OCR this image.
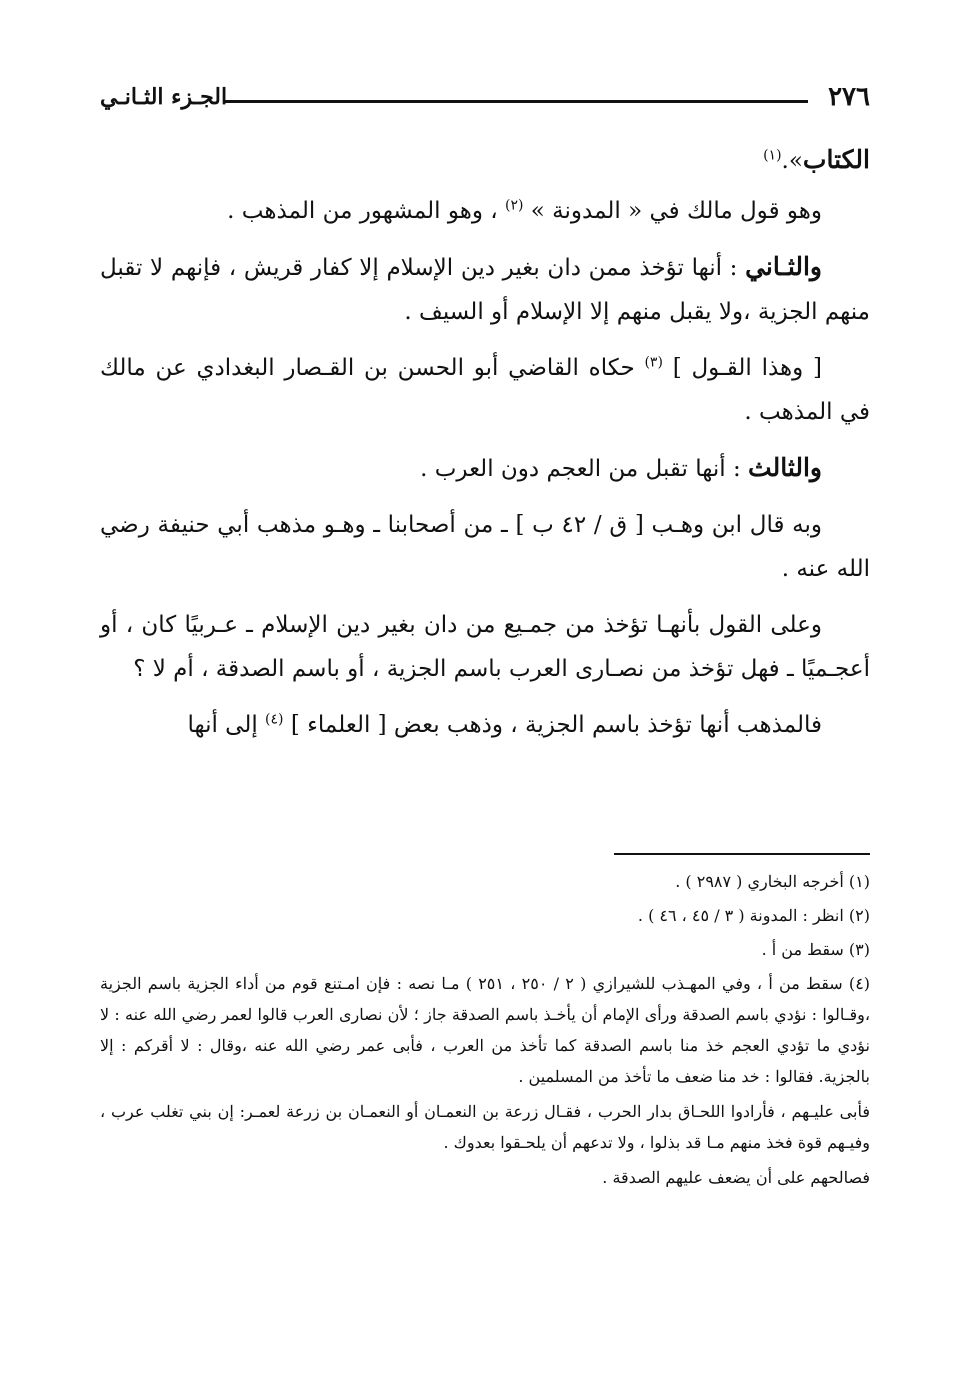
٢٧٦
الجـزء الثـانـي

الكتاب».$^{(١)}$

وهو قول مالك في « المدونة » $^{(٢)}$ ، وهو المشهور من المذهب .

والثـاني : أنها تؤخذ ممن دان بغير دين الإسلام إلا كفار قريش ، فإنهم لا تقبل منهم الجزية ،ولا يقبل منهم إلا الإسلام أو السيف .

[ وهذا القـول ] $^{(٣)}$ حكاه القاضي أبو الحسن بن القـصار البغدادي عن مالك في المذهب .

والثالث : أنها تقبل من العجم دون العرب .

وبه قال ابن وهـب [ ق / ٤٢ ب ] ـ من أصحابنا ـ وهـو مذهب أبي حنيفة رضي الله عنه .

وعلى القول بأنهـا تؤخذ من جمـيع من دان بغير دين الإسلام ـ عـربيًا كان ، أو أعجـميًا ـ فهل تؤخذ من نصـارى العرب باسم الجزية ، أو باسم الصدقة ، أم لا ؟

فالمذهب أنها تؤخذ باسم الجزية ، وذهب بعض [ العلماء ] $^{(٤)}$ إلى أنها

(١) أخرجه البخاري ( ٢٩٨٧ ) .

(٢) انظر : المدونة ( ٣ / ٤٥ ، ٤٦ ) .

(٣) سقط من أ .

(٤) سقط من أ ، وفي المهـذب للشيرازي ( ٢ / ٢٥٠ ، ٢٥١ ) مـا نصه : فإن امـتنع قوم من أداء الجزية باسم الجزية ،وقـالوا : نؤدي باسم الصدقة ورأى الإمام أن يأخـذ باسم الصدقة جاز ؛ لأن نصارى العرب قالوا لعمر رضي الله عنه : لا نؤدي ما تؤدي العجم خذ منا باسم الصدقة كما تأخذ من العرب ، فأبى عمر رضي الله عنه ،وقال : لا أقركم : إلا بالجزية. فقالوا : خد منا ضعف ما تأخذ من المسلمين .

فأبى عليـهم ، فأرادوا اللحـاق بدار الحرب ، فقـال زرعة بن النعمـان أو النعمـان بن زرعة لعمـر: إن بني تغلب عرب ، وفيـهم قوة فخذ منهم مـا قد بذلوا ، ولا تدعهم أن يلحـقوا بعدوك .

فصالحهم على أن يضعف عليهم الصدقة .
